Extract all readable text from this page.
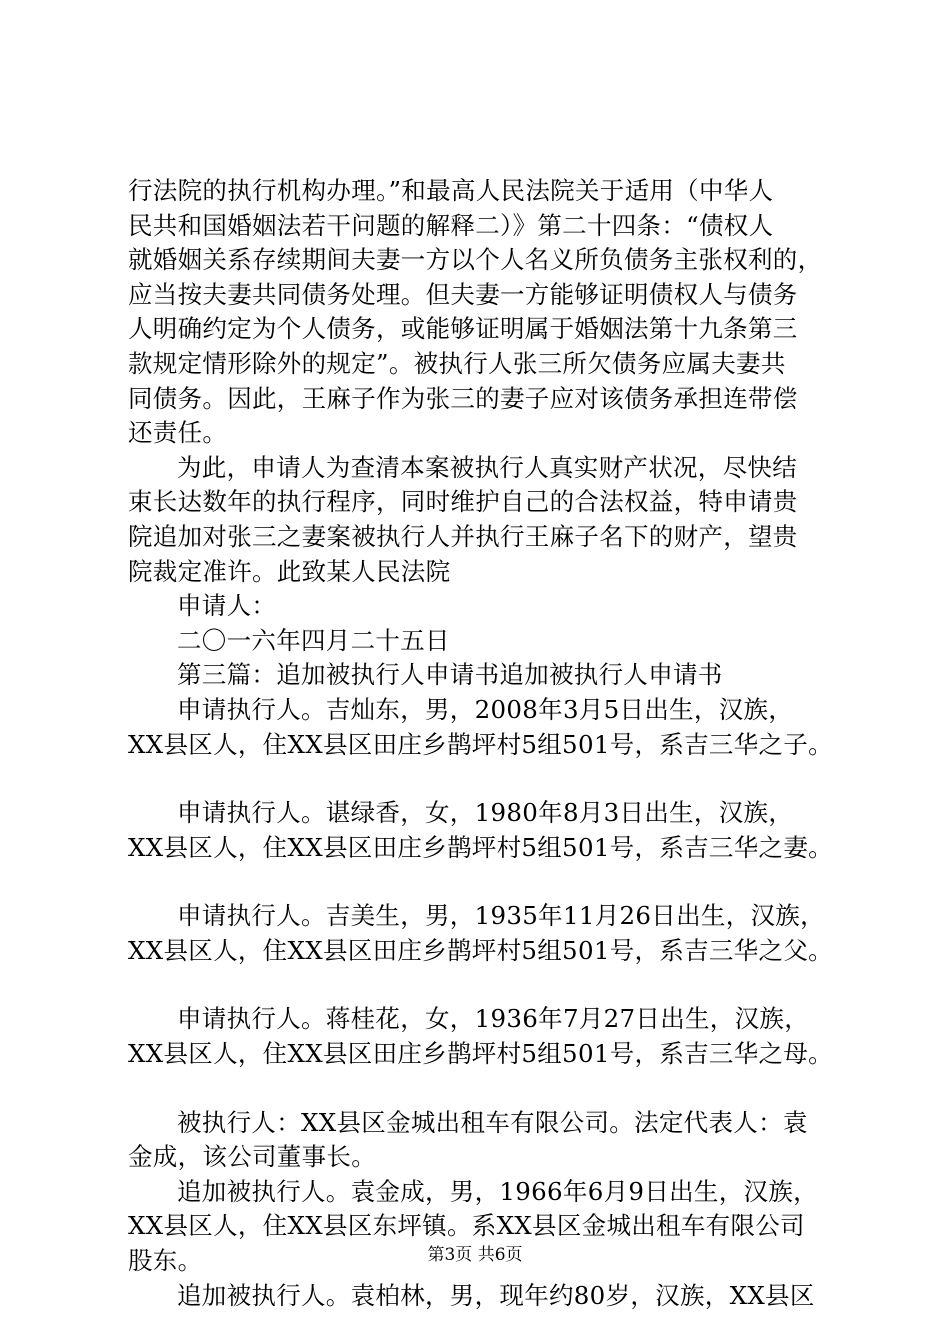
行法院的执行机构办理。”和最高人民法院关于适用（中华人
民共和国婚姻法若干问题的解释二）》第二十四条：“债权人
就婚姻关系存续期间夫妻一方以个人名义所负债务主张权利的，
应当按夫妻共同债务处理。但夫妻一方能够证明债权人与债务
人明确约定为个人债务，或能够证明属于婚姻法第十九条第三
款规定情形除外的规定”。被执行人张三所欠债务应属夫妻共
同债务。因此，王麻子作为张三的妻子应对该债务承担连带偿
还责任。
为此，申请人为查清本案被执行人真实财产状况，尽快结
束长达数年的执行程序，同时维护自己的合法权益，特申请贵
院追加对张三之妻案被执行人并执行王麻子名下的财产，望贵
院裁定准许。此致某人民法院
申请人：
二〇一六年四月二十五日
第三篇：追加被执行人申请书追加被执行人申请书
申请执行人。吉灿东，男，2008年3月5日出生，汉族，
XX县区人，住XX县区田庄乡鹊坪村5组501号，系吉三华之子。
申请执行人。谌绿香，女，1980年8月3日出生，汉族，
XX县区人，住XX县区田庄乡鹊坪村5组501号，系吉三华之妻。
申请执行人。吉美生，男，1935年11月26日出生，汉族，
XX县区人，住XX县区田庄乡鹊坪村5组501号，系吉三华之父。
申请执行人。蒋桂花，女，1936年7月27日出生，汉族，
XX县区人，住XX县区田庄乡鹊坪村5组501号，系吉三华之母。
被执行人：XX县区金城出租车有限公司。法定代表人：袁
金成，该公司董事长。
追加被执行人。袁金成，男，1966年6月9日出生，汉族，
XX县区人，住XX县区东坪镇。系XX县区金城出租车有限公司
股东。
追加被执行人。袁柏林，男，现年约80岁，汉族，XX县区
第3页 共6页
